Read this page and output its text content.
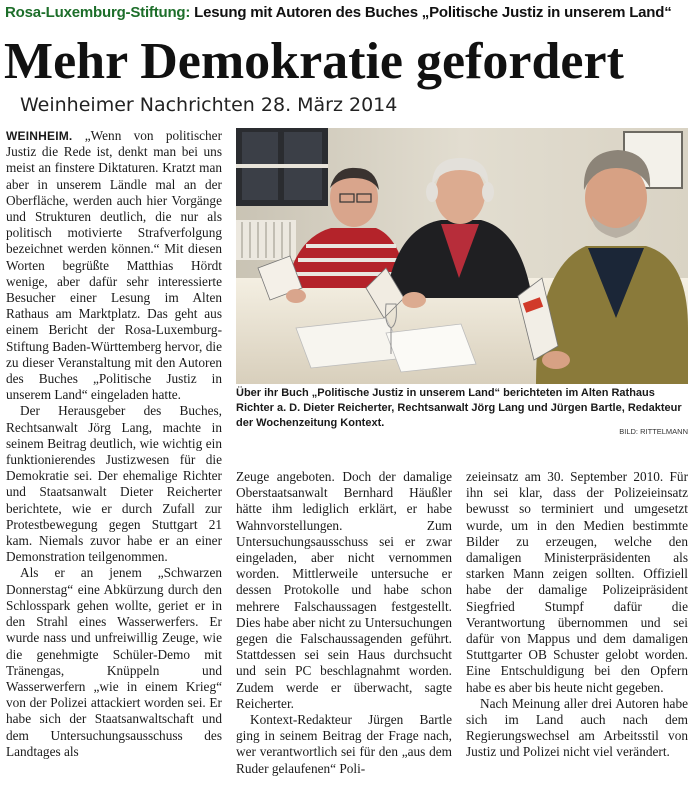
Rosa-Luxemburg-Stiftung: Lesung mit Autoren des Buches „Politische Justiz in unserem Land“
Mehr Demokratie gefordert
Weinheimer Nachrichten 28. März 2014

WEINHEIM. „Wenn von politischer Justiz die Rede ist, denkt man bei uns meist an finstere Diktaturen. Kratzt man aber in unserem Ländle mal an der Oberfläche, werden auch hier Vorgänge und Strukturen deutlich, die nur als politisch motivierte Strafverfolgung bezeichnet werden können.“ Mit diesen Worten begrüßte Matthias Hördt wenige, aber dafür sehr interessierte Besucher einer Lesung im Alten Rathaus am Marktplatz. Das geht aus einem Bericht der Rosa-Luxemburg-Stiftung Baden-Württemberg hervor, die zu dieser Veranstaltung mit den Autoren des Buches „Politische Justiz in unserem Land“ eingeladen hatte.

Der Herausgeber des Buches, Rechtsanwalt Jörg Lang, machte in seinem Beitrag deutlich, wie wichtig ein funktionierendes Justizwesen für die Demokratie sei. Der ehemalige Richter und Staatsanwalt Dieter Reicherter berichtete, wie er durch Zufall zur Protestbewegung gegen Stuttgart 21 kam. Niemals zuvor habe er an einer Demonstration teilgenommen.

Als er an jenem „Schwarzen Donnerstag“ eine Abkürzung durch den Schlosspark gehen wollte, geriet er in den Strahl eines Wasserwerfers. Er wurde nass und unfreiwillig Zeuge, wie die genehmigte Schüler-Demo mit Tränengas, Knüppeln und Wasserwerfern „wie in einem Krieg“ von der Polizei attackiert worden sei. Er habe sich der Staatsanwaltschaft und dem Untersuchungsausschuss des Landtages als

Über ihr Buch „Politische Justiz in unserem Land“ berichteten im Alten Rathaus Richter a. D. Dieter Reicherter, Rechtsanwalt Jörg Lang und Jürgen Bartle, Redakteur der Wochenzeitung Kontext.
BILD: RITTELMANN

Zeuge angeboten. Doch der damalige Oberstaatsanwalt Bernhard Häußler hätte ihm lediglich erklärt, er habe Wahnvorstellungen. Zum Untersuchungsausschuss sei er zwar eingeladen, aber nicht vernommen worden. Mittlerweile untersuche er dessen Protokolle und habe schon mehrere Falschaussagen festgestellt. Dies habe aber nicht zu Untersuchungen gegen die Falschaussagenden geführt. Stattdessen sei sein Haus durchsucht und sein PC beschlagnahmt worden. Zudem werde er überwacht, sagte Reicherter.

Kontext-Redakteur Jürgen Bartle ging in seinem Beitrag der Frage nach, wer verantwortlich sei für den „aus dem Ruder gelaufenen“ Poli-

zeieinsatz am 30. September 2010. Für ihn sei klar, dass der Polizeieinsatz bewusst so terminiert und umgesetzt wurde, um in den Medien bestimmte Bilder zu erzeugen, welche den damaligen Ministerpräsidenten als starken Mann zeigen sollten. Offiziell habe der damalige Polizeipräsident Siegfried Stumpf dafür die Verantwortung übernommen und sei dafür von Mappus und dem damaligen Stuttgarter OB Schuster gelobt worden. Eine Entschuldigung bei den Opfern habe es aber bis heute nicht gegeben.

Nach Meinung aller drei Autoren habe sich im Land auch nach dem Regierungswechsel am Arbeitsstil von Justiz und Polizei nicht viel verändert.
